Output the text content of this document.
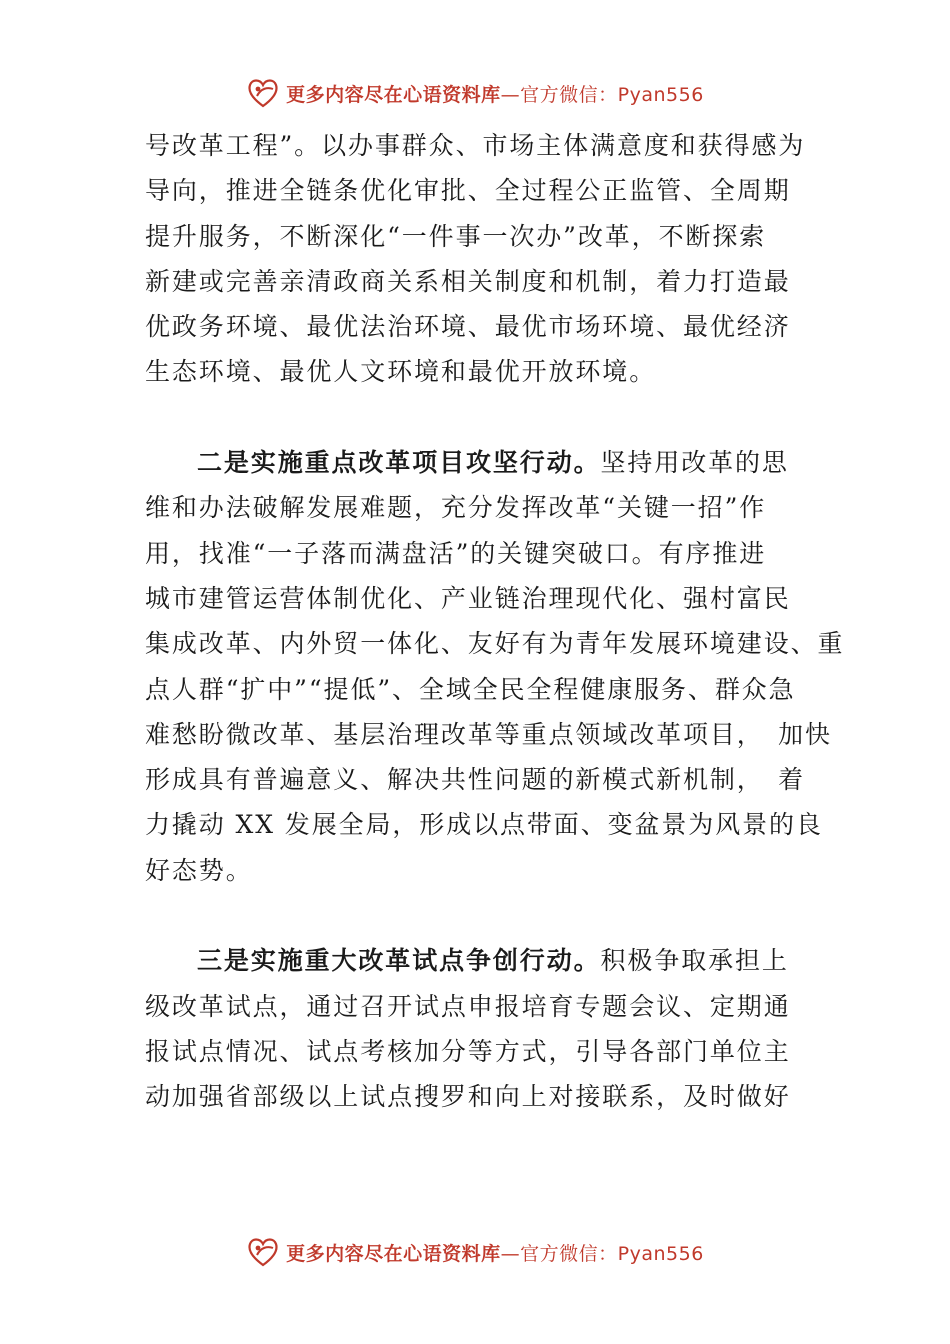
更多内容尽在心语资料库 —官方微信：Pyan556
号改革工程”。以办事群众、市场主体满意度和获得感为
导向，推进全链条优化审批、全过程公正监管、全周期
提升服务，不断深化“一件事一次办”改革，不断探索
新建或完善亲清政商关系相关制度和机制，着力打造最
优政务环境、最优法治环境、最优市场环境、最优经济
生态环境、最优人文环境和最优开放环境。
二是实施重点改革项目攻坚行动。坚持用改革的思
维和办法破解发展难题，充分发挥改革“关键一招”作
用，找准“一子落而满盘活”的关键突破口。有序推进
城市建管运营体制优化、产业链治理现代化、强村富民
集成改革、内外贸一体化、友好有为青年发展环境建设、重
点人群“扩中”“提低”、全域全民全程健康服务、群众急
难愁盼微改革、基层治理改革等重点领域改革项目，　加快
形成具有普遍意义、解决共性问题的新模式新机制，　着
力撬动 XX 发展全局，形成以点带面、变盆景为风景的良
好态势。
三是实施重大改革试点争创行动。积极争取承担上
级改革试点，通过召开试点申报培育专题会议、定期通
报试点情况、试点考核加分等方式，引导各部门单位主
动加强省部级以上试点搜罗和向上对接联系，及时做好
更多内容尽在心语资料库 —官方微信：Pyan556
